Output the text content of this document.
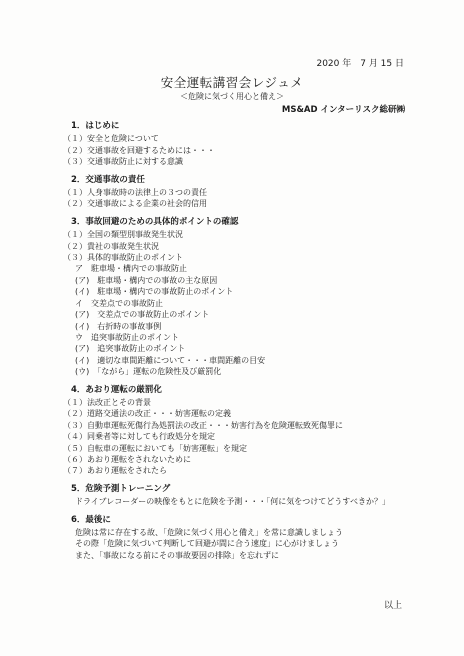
2020 年　7 月 15 日
安全運転講習会レジュメ
＜危険に気づく用心と備え＞
MS&AD インターリスク総研㈱
1．はじめに
（１）安全と危険について
（２）交通事故を回避するためには・・・
（３）交通事故防止に対する意識
2．交通事故の責任
（１）人身事故時の法律上の３つの責任
（２）交通事故による企業の社会的信用
3．事故回避のための具体的ポイントの確認
（１）全国の類型別事故発生状況
（２）貴社の事故発生状況
（３）具体的事故防止のポイント
ア　駐車場・構内での事故防止
(ア)　駐車場・構内での事故の主な原因
(イ)　駐車場・構内での事故防止のポイント
イ　交差点での事故防止
(ア)　交差点での事故防止のポイント
(イ)　右折時の事故事例
ウ　追突事故防止のポイント
(ア)　追突事故防止のポイント
(イ)　適切な車間距離について・・・車間距離の目安
(ウ)　「ながら」運転の危険性及び厳罰化
4．あおり運転の厳罰化
（１）法改正とその背景
（２）道路交通法の改正・・・妨害運転の定義
（３）自動車運転死傷行為処罰法の改正・・・妨害行為を危険運転致死傷罪に
（４）同乗者等に対しても行政処分を規定
（５）自転車の運転においても「妨害運転」を規定
（６）あおり運転をされないために
（７）あおり運転をされたら
5．危険予測トレーニング
ドライブレコーダーの映像をもとに危険を予測・・・「何に気をつけてどうすべきか？」
6．最後に
危険は常に存在する故、「危険に気づく用心と備え」を常に意識しましょう
その際「危険に気づいて判断して回避が間に合う速度」に心がけましょう
また、「事故になる前にその事故要因の排除」を忘れずに
以上
